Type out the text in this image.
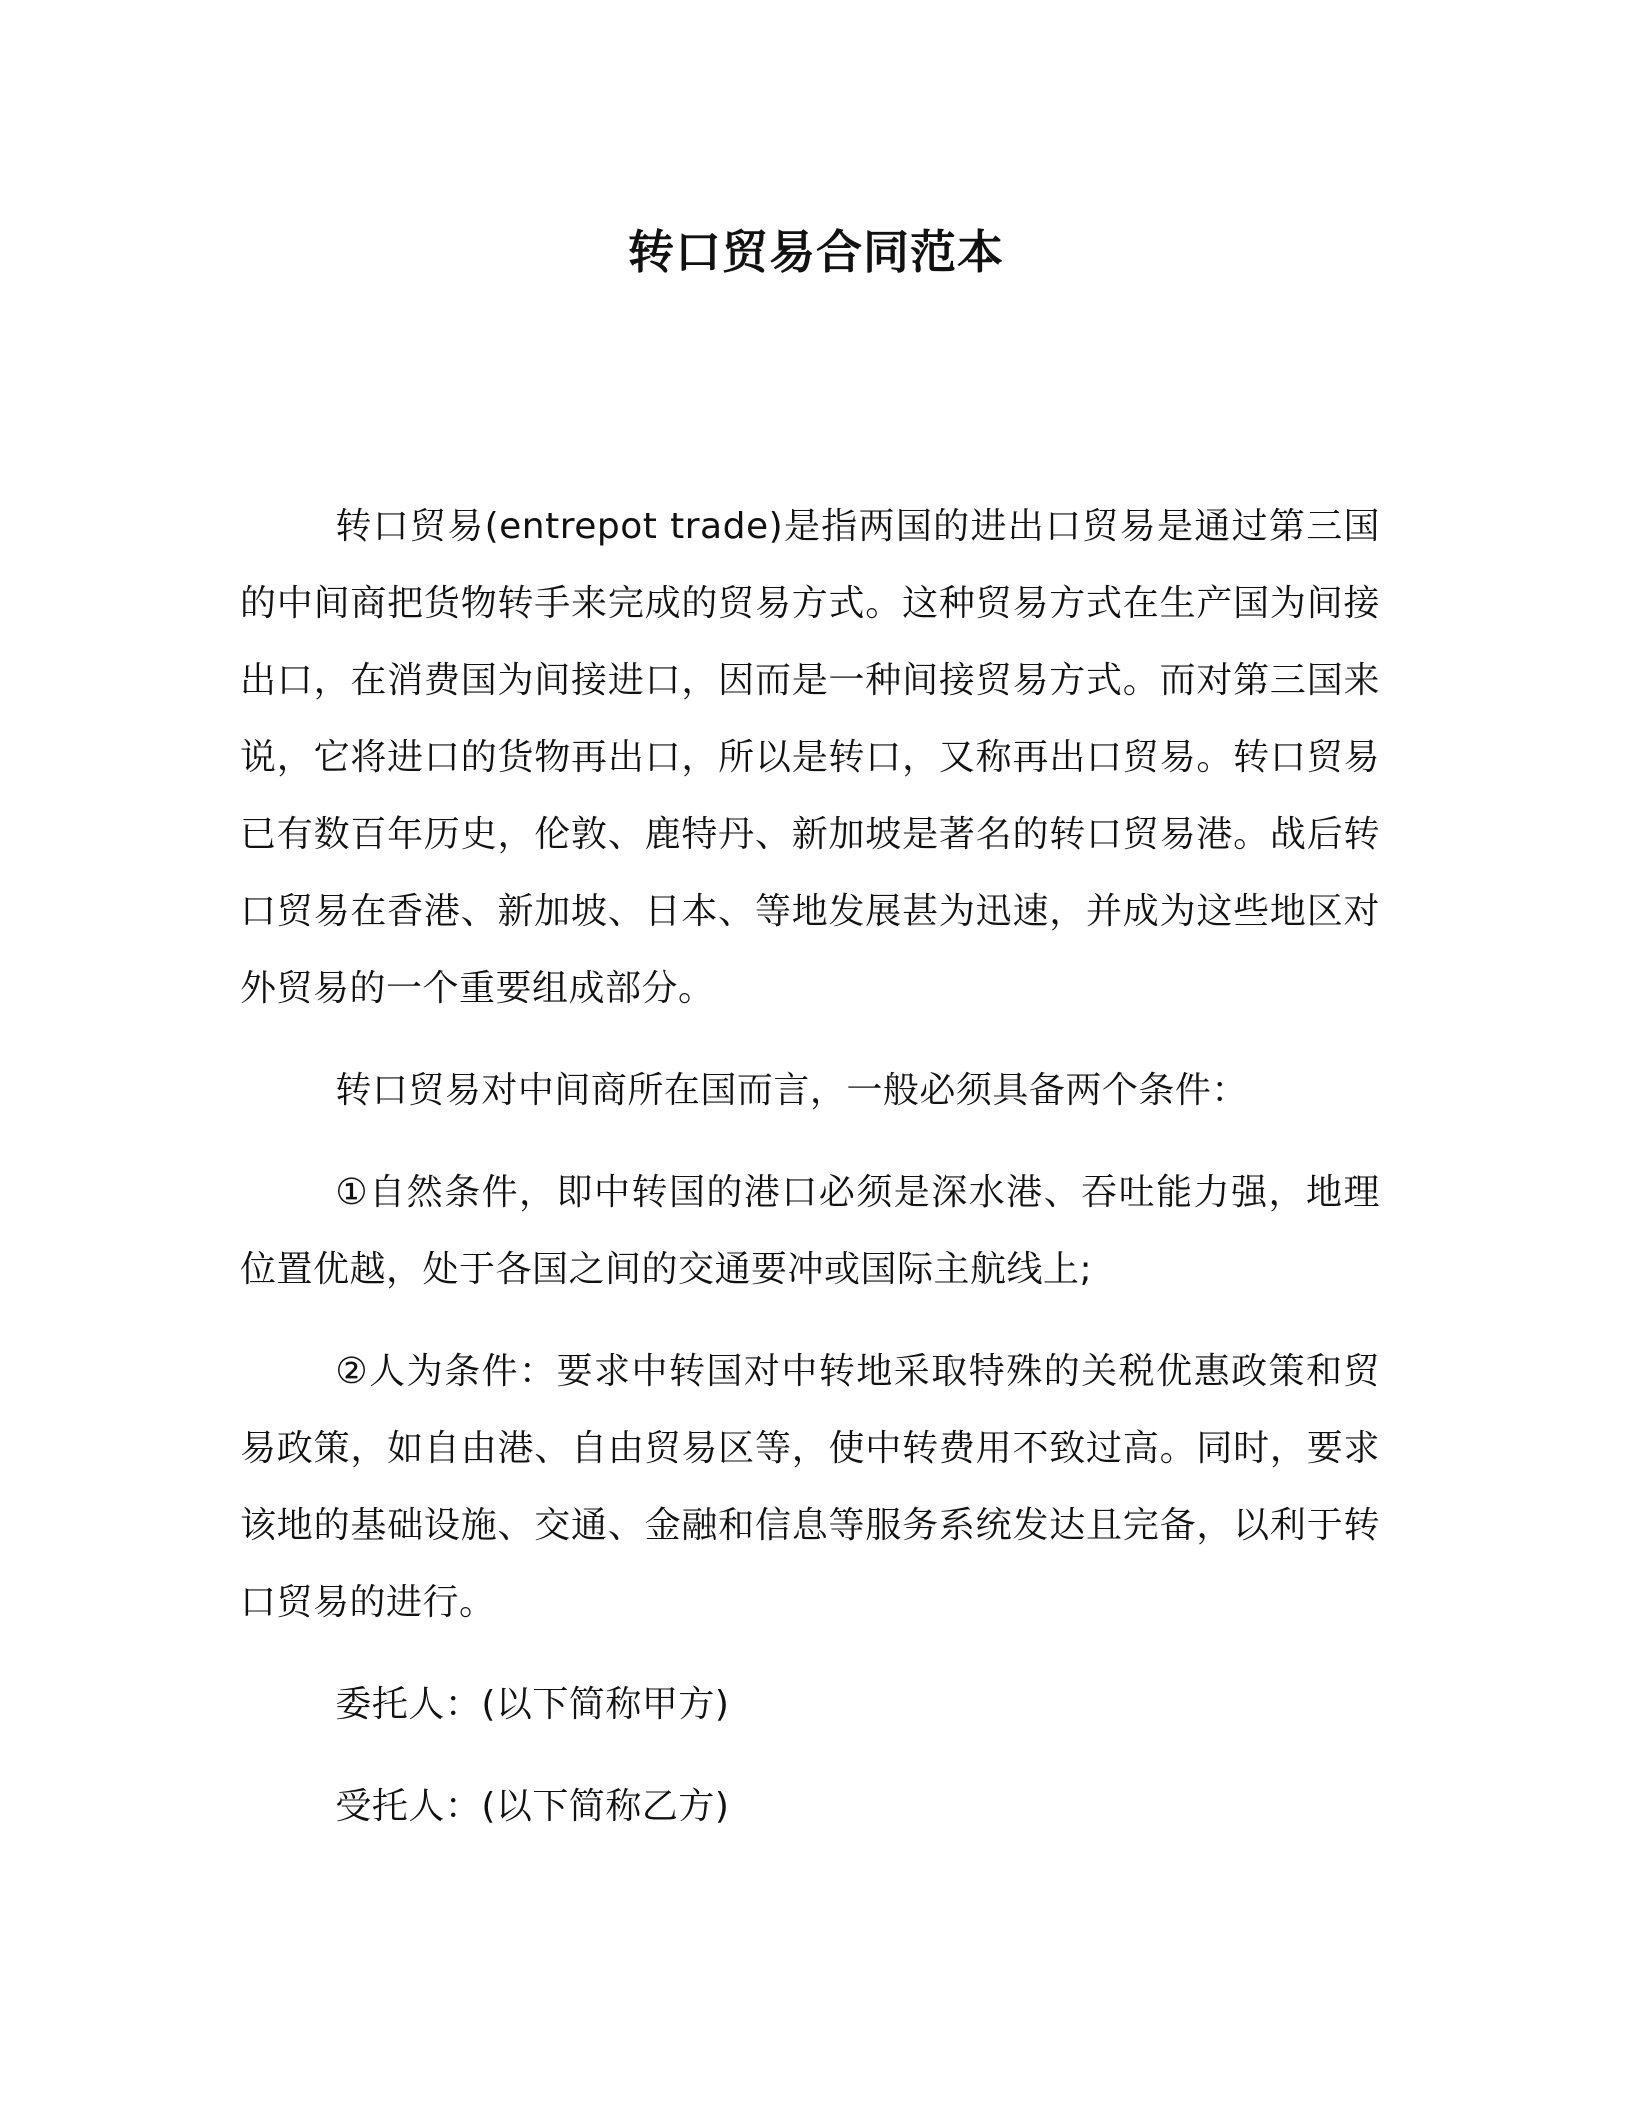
转口贸易合同范本

转口贸易(entrepot trade)是指两国的进出口贸易是通过第三国的中间商把货物转手来完成的贸易方式。这种贸易方式在生产国为间接出口，在消费国为间接进口，因而是一种间接贸易方式。而对第三国来说，它将进口的货物再出口，所以是转口，又称再出口贸易。转口贸易已有数百年历史，伦敦、鹿特丹、新加坡是著名的转口贸易港。战后转口贸易在香港、新加坡、日本、等地发展甚为迅速，并成为这些地区对外贸易的一个重要组成部分。

转口贸易对中间商所在国而言，一般必须具备两个条件：

①自然条件，即中转国的港口必须是深水港、吞吐能力强，地理位置优越，处于各国之间的交通要冲或国际主航线上;

②人为条件：要求中转国对中转地采取特殊的关税优惠政策和贸易政策，如自由港、自由贸易区等，使中转费用不致过高。同时，要求该地的基础设施、交通、金融和信息等服务系统发达且完备，以利于转口贸易的进行。

委托人：(以下简称甲方)

受托人：(以下简称乙方)
